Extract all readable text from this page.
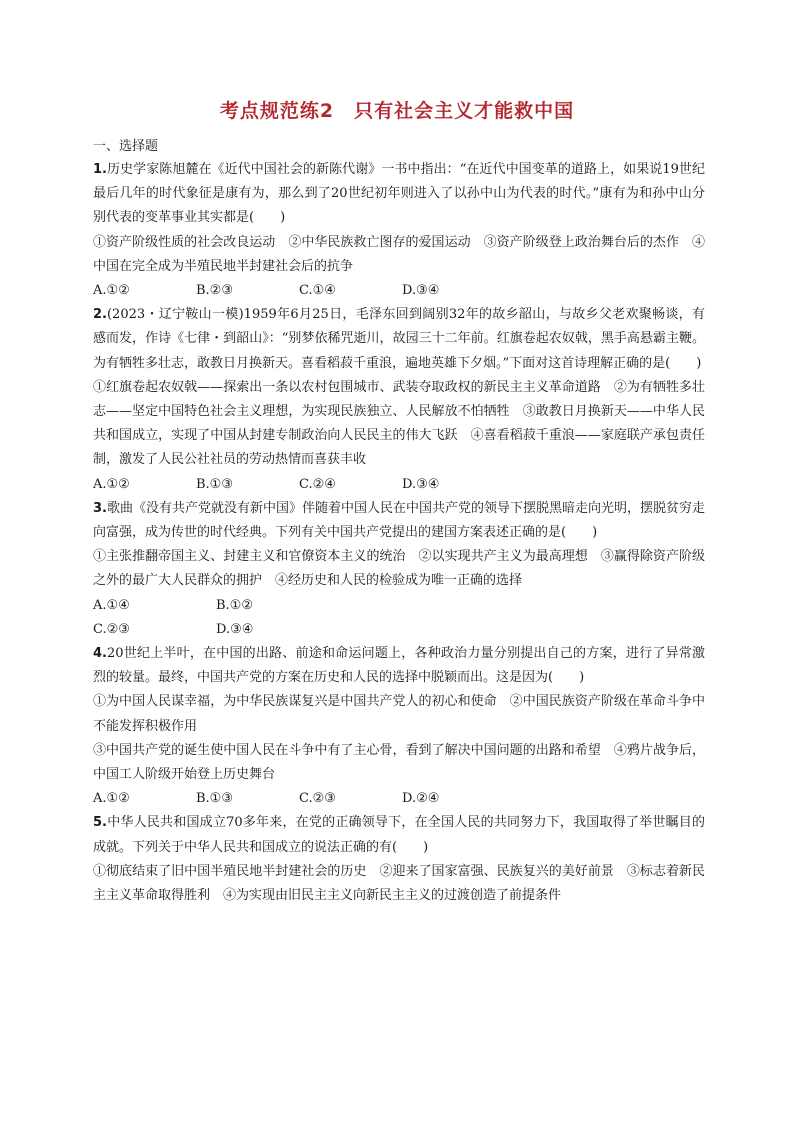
考点规范练2　只有社会主义才能救中国
一、选择题

1.历史学家陈旭麓在《近代中国社会的新陈代谢》一书中指出：“在近代中国变革的道路上，如果说19世纪最后几年的时代象征是康有为，那么到了20世纪初年则进入了以孙中山为代表的时代。”康有为和孙中山分别代表的变革事业其实都是(　　)

①资产阶级性质的社会改良运动　②中华民族救亡图存的爱国运动　③资产阶级登上政治舞台后的杰作　④中国在完全成为半殖民地半封建社会后的抗争

A.①②	B.②③	C.①④	D.③④

2.(2023・辽宁鞍山一模)1959年6月25日，毛泽东回到阔别32年的故乡韶山，与故乡父老欢聚畅谈，有感而发，作诗《七律・到韶山》：“别梦依稀咒逝川，故园三十二年前。红旗卷起农奴戟，黑手高悬霸主鞭。为有牺牲多壮志，敢教日月换新天。喜看稻菽千重浪，遍地英雄下夕烟。”下面对这首诗理解正确的是(　　)

①红旗卷起农奴戟——探索出一条以农村包围城市、武装夺取政权的新民主主义革命道路　②为有牺牲多壮志——坚定中国特色社会主义理想，为实现民族独立、人民解放不怕牺牲　③敢教日月换新天——中华人民共和国成立，实现了中国从封建专制政治向人民民主的伟大飞跃　④喜看稻菽千重浪——家庭联产承包责任制，激发了人民公社社员的劳动热情而喜获丰收

A.①②	B.①③	C.②④	D.③④

3.歌曲《没有共产党就没有新中国》伴随着中国人民在中国共产党的领导下摆脱黑暗走向光明，摆脱贫穷走向富强，成为传世的时代经典。下列有关中国共产党提出的建国方案表述正确的是(　　)

①主张推翻帝国主义、封建主义和官僚资本主义的统治　②以实现共产主义为最高理想　③赢得除资产阶级之外的最广大人民群众的拥护　④经历史和人民的检验成为唯一正确的选择

A.①④	B.①②
C.②③	D.③④

4.20世纪上半叶，在中国的出路、前途和命运问题上，各种政治力量分别提出自己的方案，进行了异常激烈的较量。最终，中国共产党的方案在历史和人民的选择中脱颖而出。这是因为(　　)

①为中国人民谋幸福，为中华民族谋复兴是中国共产党人的初心和使命　②中国民族资产阶级在革命斗争中不能发挥积极作用

③中国共产党的诞生使中国人民在斗争中有了主心骨，看到了解决中国问题的出路和希望　④鸦片战争后，中国工人阶级开始登上历史舞台

A.①②	B.①③	C.②③	D.②④

5.中华人民共和国成立70多年来，在党的正确领导下，在全国人民的共同努力下，我国取得了举世瞩目的成就。下列关于中华人民共和国成立的说法正确的有(　　)

①彻底结束了旧中国半殖民地半封建社会的历史　②迎来了国家富强、民族复兴的美好前景　③标志着新民主主义革命取得胜利　④为实现由旧民主主义向新民主主义的过渡创造了前提条件
